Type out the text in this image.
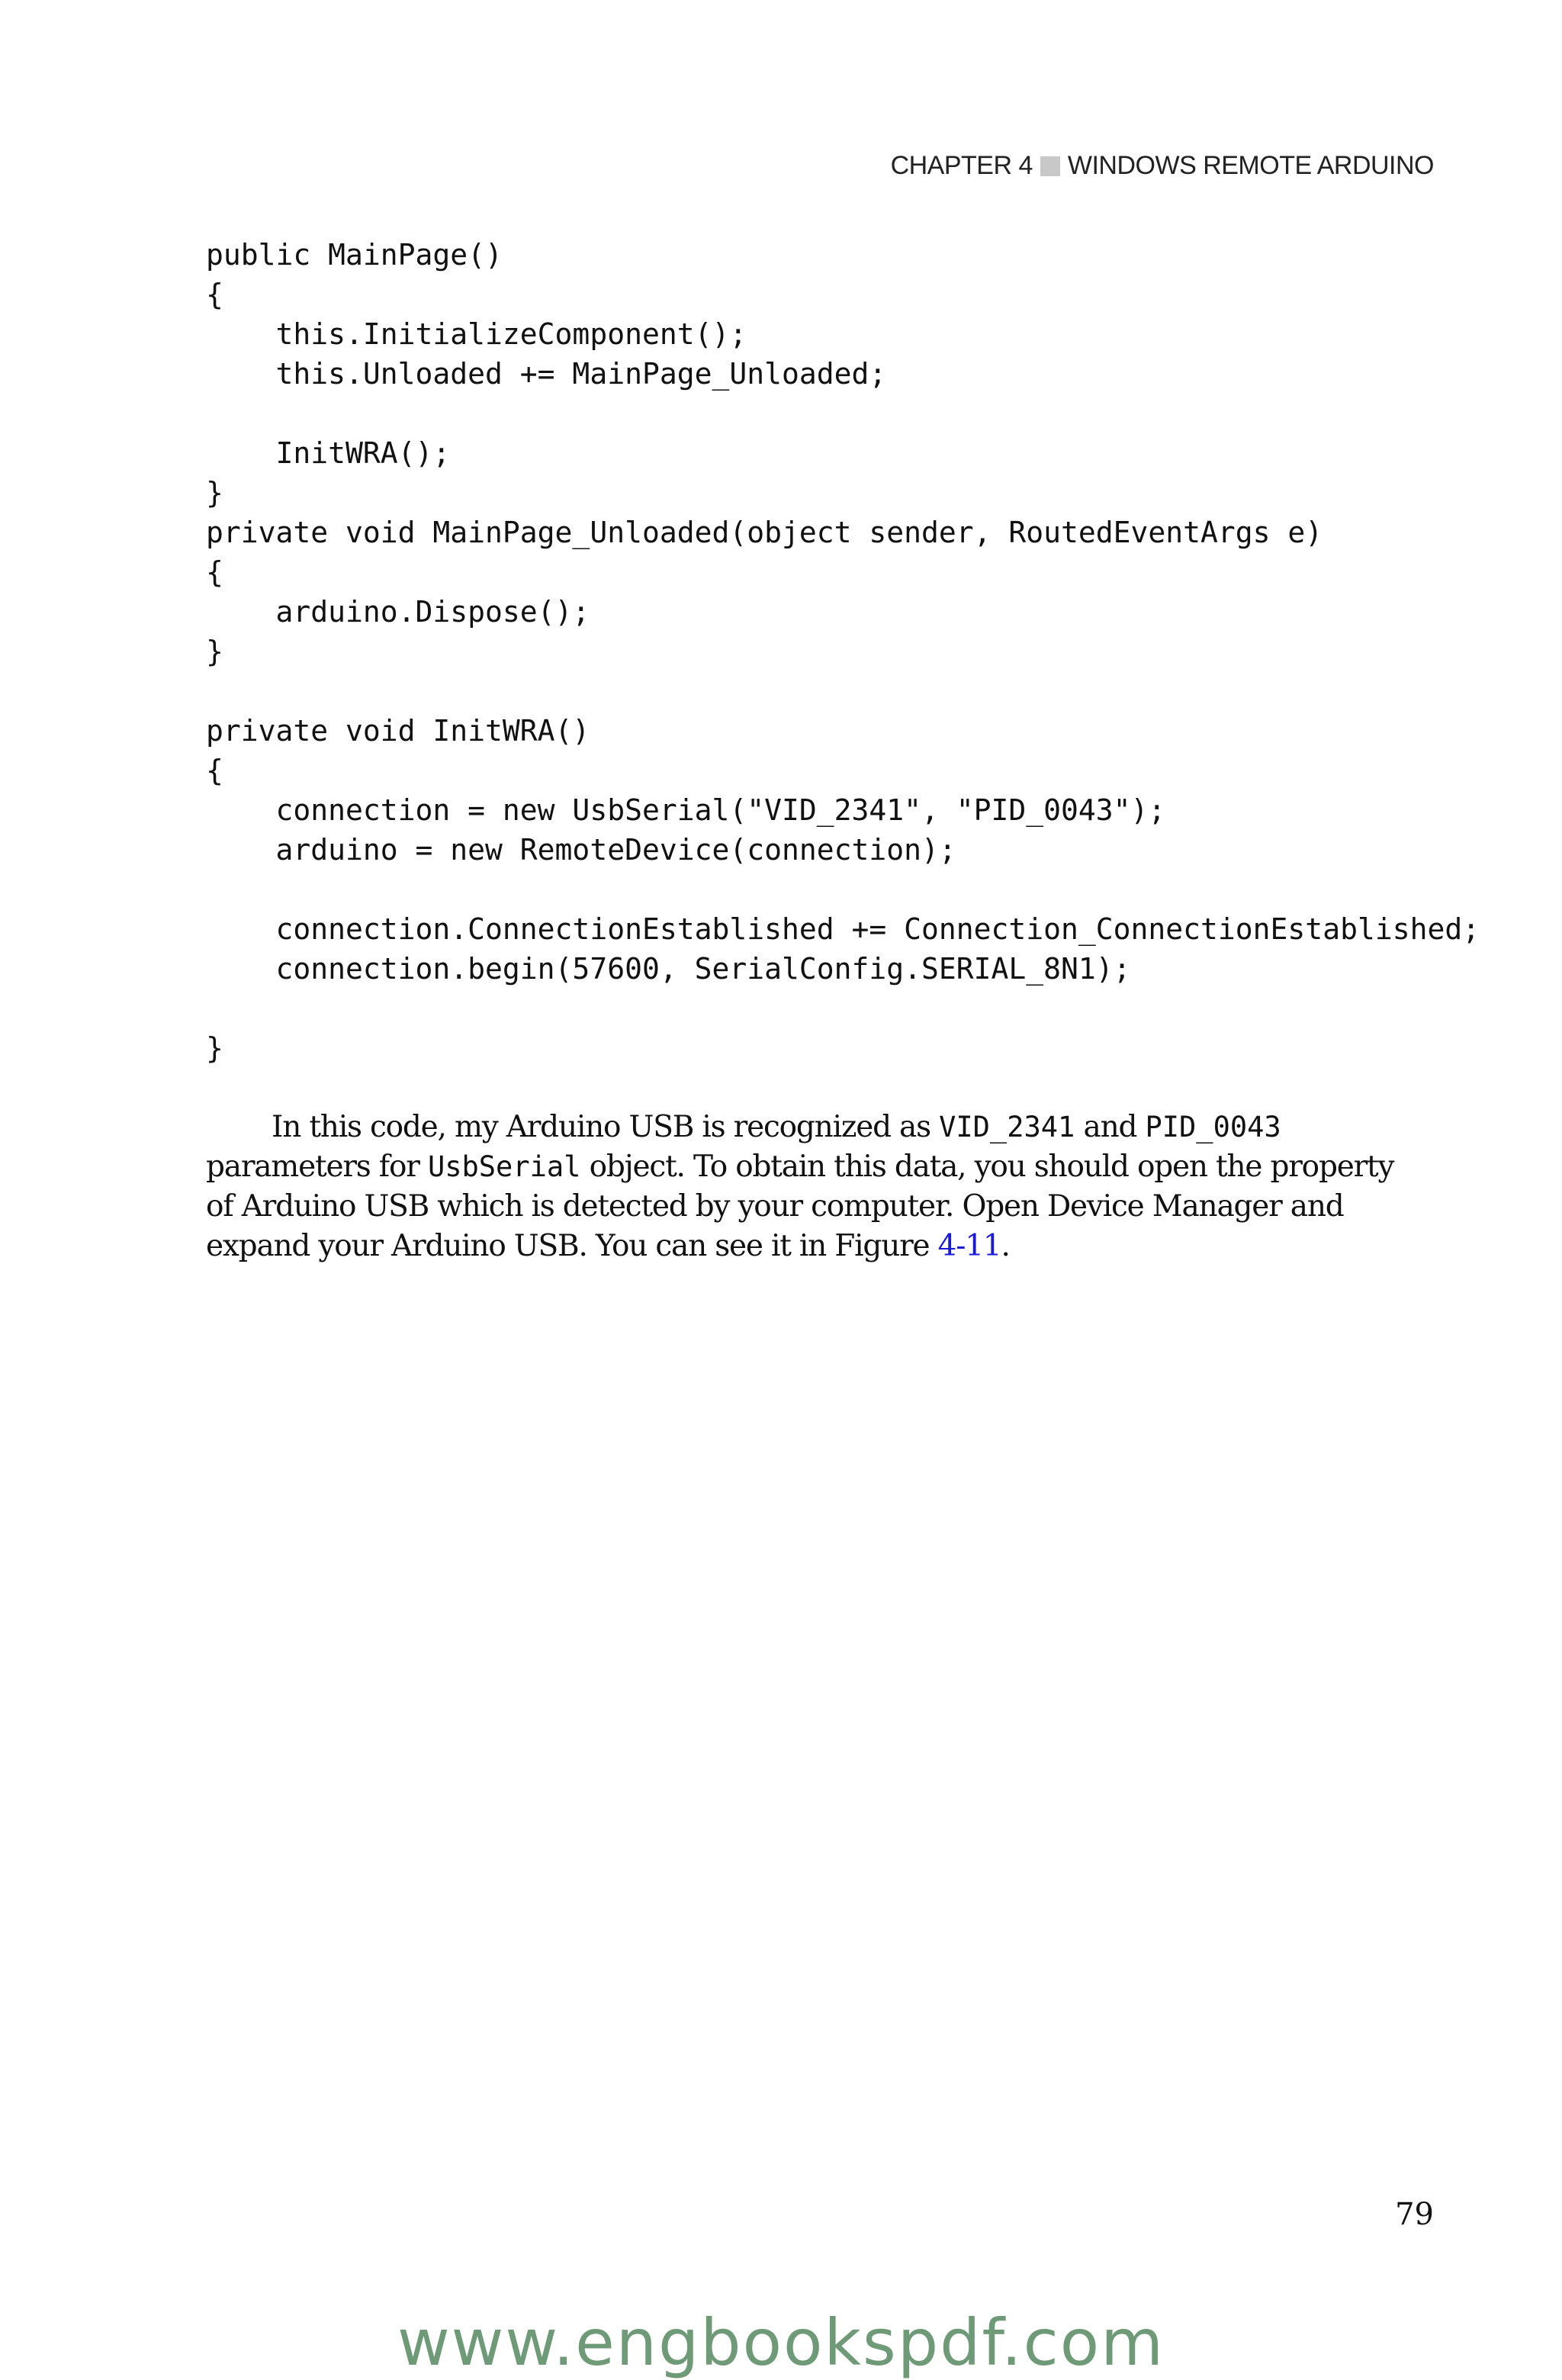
CHAPTER 4 WINDOWS REMOTE ARDUINO
public MainPage()
{
this.InitializeComponent();
this.Unloaded += MainPage_Unloaded;
InitWRA();
}
private void MainPage_Unloaded(object sender, RoutedEventArgs e)
{
arduino.Dispose();
}
private void InitWRA()
{
connection = new UsbSerial("VID_2341", "PID_0043");
arduino = new RemoteDevice(connection);
connection.ConnectionEstablished += Connection_ConnectionEstablished;
connection.begin(57600, SerialConfig.SERIAL_8N1);
}

In this code, my Arduino USB is recognized as VID_2341 and PID_0043 parameters for UsbSerial object. To obtain this data, you should open the property of Arduino USB which is detected by your computer. Open Device Manager and expand your Arduino USB. You can see it in Figure 4-11.

79
www.engbookspdf.com
